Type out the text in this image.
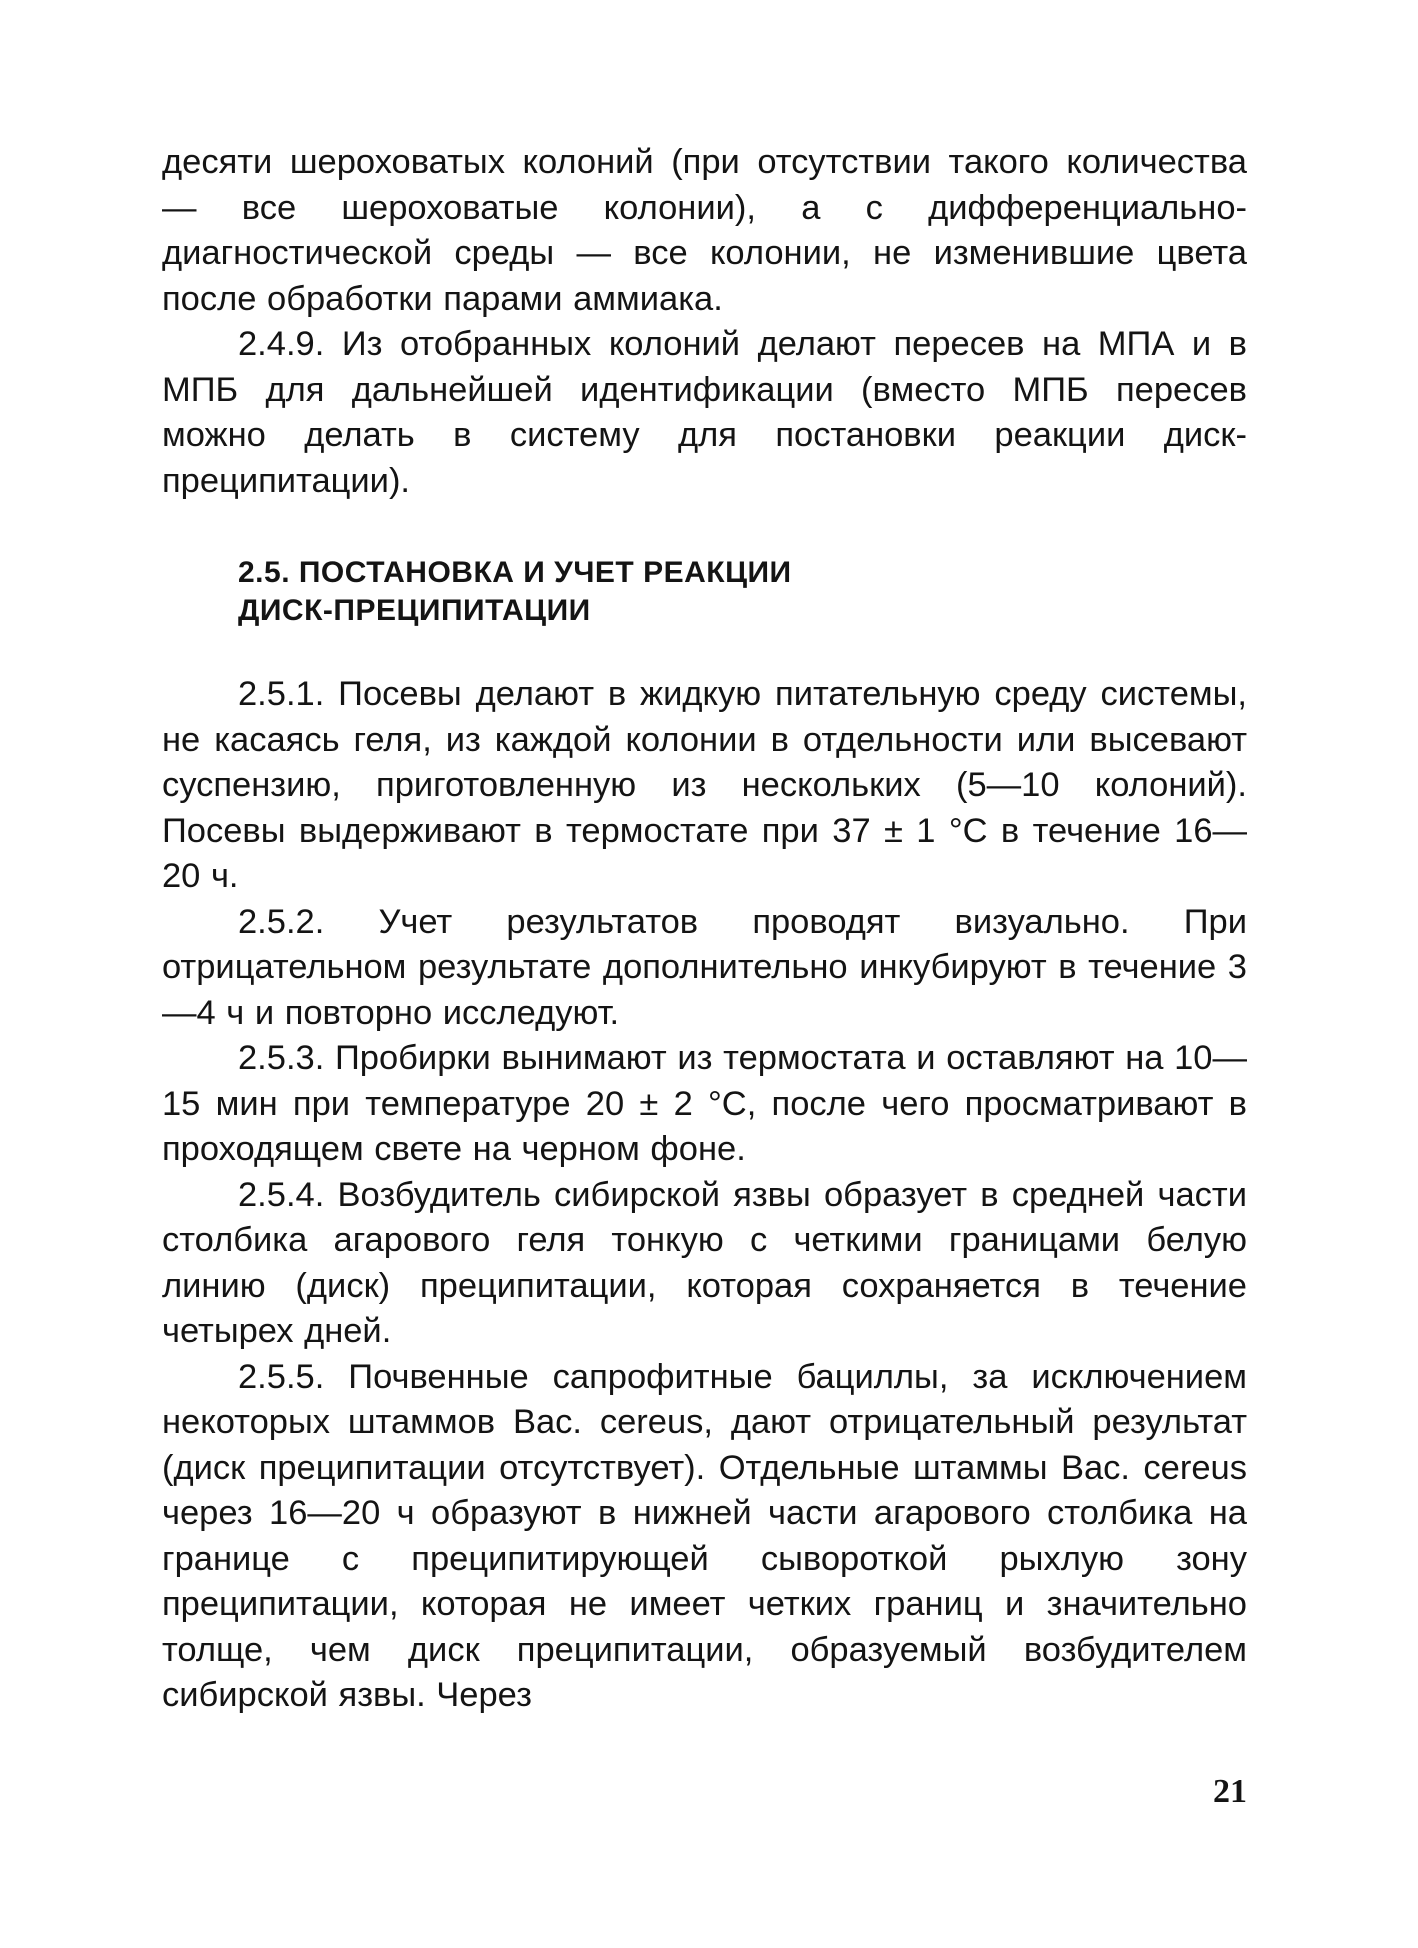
десяти шероховатых колоний (при отсутствии такого количества — все шероховатые колонии), а с дифференциально-диагностической среды — все колонии, не изменившие цвета после обработки парами аммиака.

2.4.9. Из отобранных колоний делают пересев на МПА и в МПБ для дальнейшей идентификации (вместо МПБ пересев можно делать в систему для постановки реакции диск-преципитации).

2.5. ПОСТАНОВКА И УЧЕТ РЕАКЦИИ

ДИСК-ПРЕЦИПИТАЦИИ

2.5.1. Посевы делают в жидкую питательную среду системы, не касаясь геля, из каждой колонии в отдельности или высевают суспензию, приготовленную из нескольких (5—10 колоний). Посевы выдерживают в термостате при 37 ± 1 °С в течение 16—20 ч.

2.5.2. Учет результатов проводят визуально. При отрицательном результате дополнительно инкубируют в течение 3—4 ч и повторно исследуют.

2.5.3. Пробирки вынимают из термостата и оставляют на 10—15 мин при температуре 20 ± 2 °С, после чего просматривают в проходящем свете на черном фоне.

2.5.4. Возбудитель сибирской язвы образует в средней части столбика агарового геля тонкую с четкими границами белую линию (диск) преципитации, которая сохраняется в течение четырех дней.

2.5.5. Почвенные сапрофитные бациллы, за исключением некоторых штаммов Bac. cereus, дают отрицательный результат (диск преципитации отсутствует). Отдельные штаммы Bac. cereus через 16—20 ч образуют в нижней части агарового столбика на границе с преципитирующей сывороткой рыхлую зону преципитации, которая не имеет четких границ и значительно толще, чем диск преципитации, образуемый возбудителем сибирской язвы. Через

21
